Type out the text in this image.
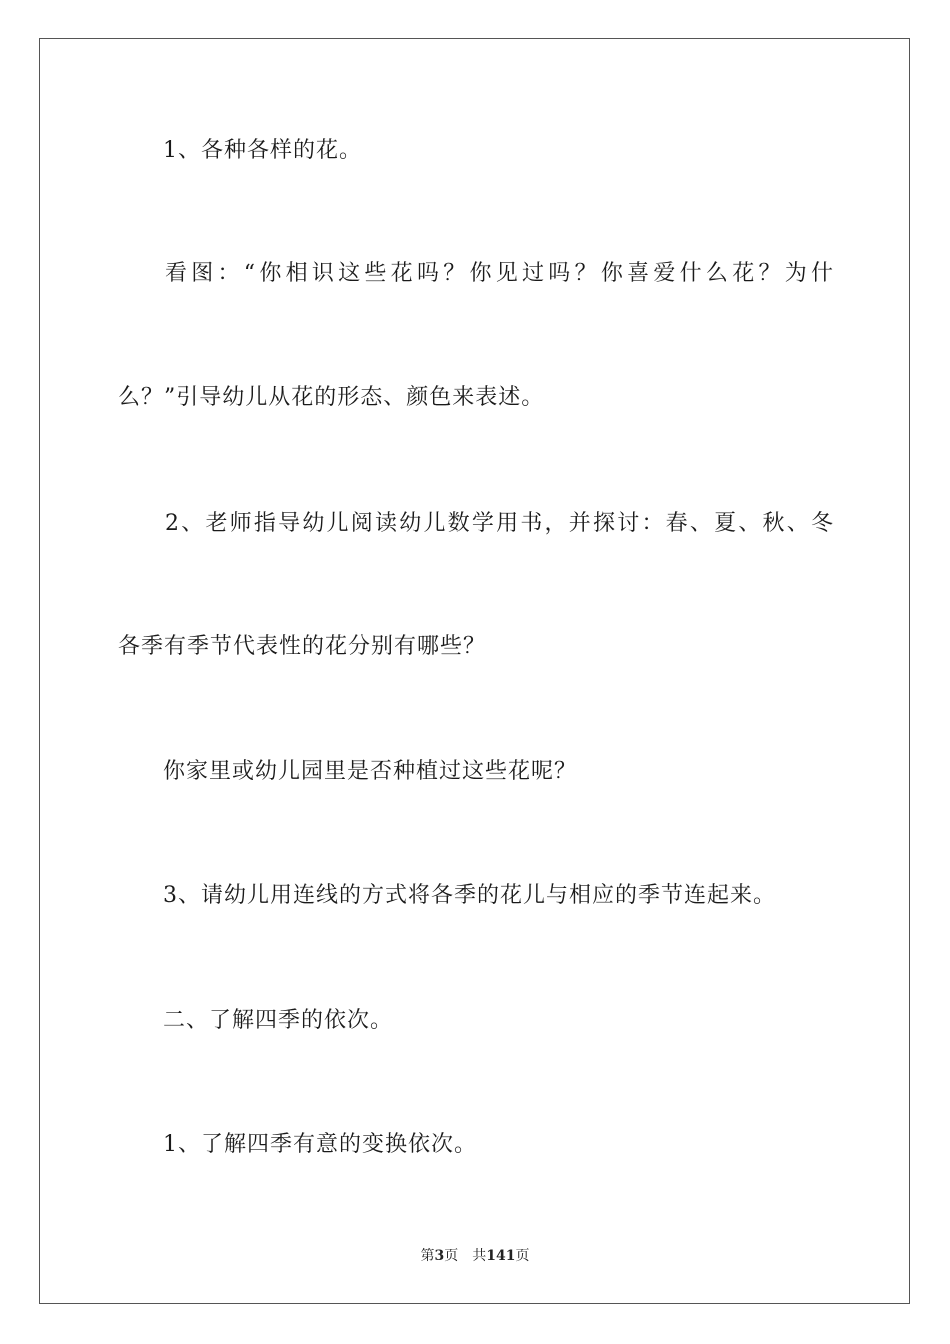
1、各种各样的花。
看图：“你相识这些花吗？你见过吗？你喜爱什么花？为什
么？”引导幼儿从花的形态、颜色来表述。
2、老师指导幼儿阅读幼儿数学用书，并探讨：春、夏、秋、冬
各季有季节代表性的花分别有哪些？
你家里或幼儿园里是否种植过这些花呢？
3、请幼儿用连线的方式将各季的花儿与相应的季节连起来。
二、了解四季的依次。
1、了解四季有意的变换依次。
第3页 共141页
